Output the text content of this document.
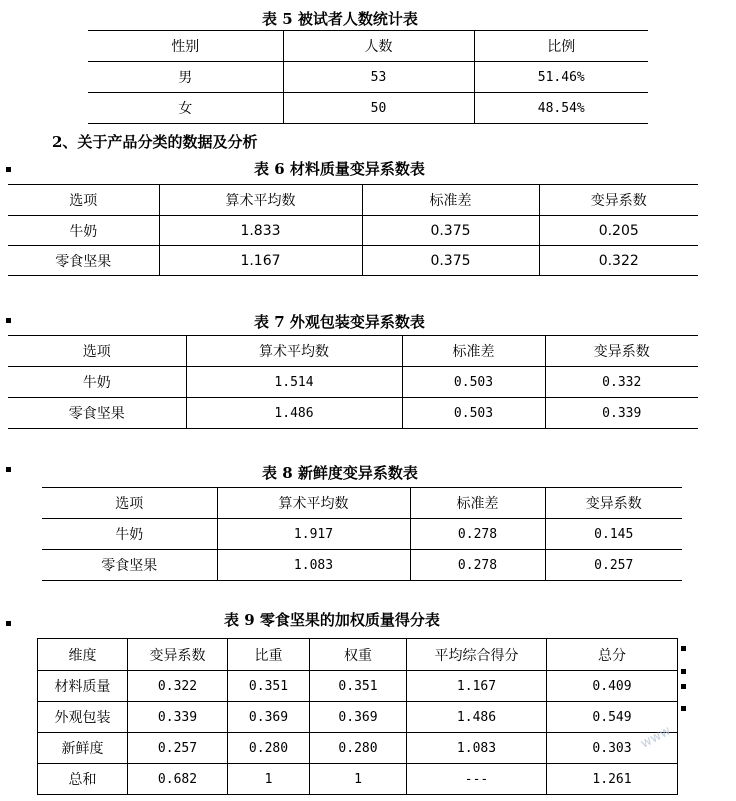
表 5 被试者人数统计表
性别	人数	比例
男	53	51.46%
女	50	48.54%
2、关于产品分类的数据及分析
表 6 材料质量变异系数表
选项	算术平均数	标准差	变异系数
牛奶	1.833	0.375	0.205
零食坚果	1.167	0.375	0.322
表 7 外观包装变异系数表
选项	算术平均数	标准差	变异系数
牛奶	1.514	0.503	0.332
零食坚果	1.486	0.503	0.339
表 8 新鲜度变异系数表
选项	算术平均数	标准差	变异系数
牛奶	1.917	0.278	0.145
零食坚果	1.083	0.278	0.257
表 9 零食坚果的加权质量得分表
维度	变异系数	比重	权重	平均综合得分	总分
材料质量	0.322	0.351	0.351	1.167	0.409
外观包装	0.339	0.369	0.369	1.486	0.549
新鲜度	0.257	0.280	0.280	1.083	0.303
总和	0.682	1	1	---	1.261
www
